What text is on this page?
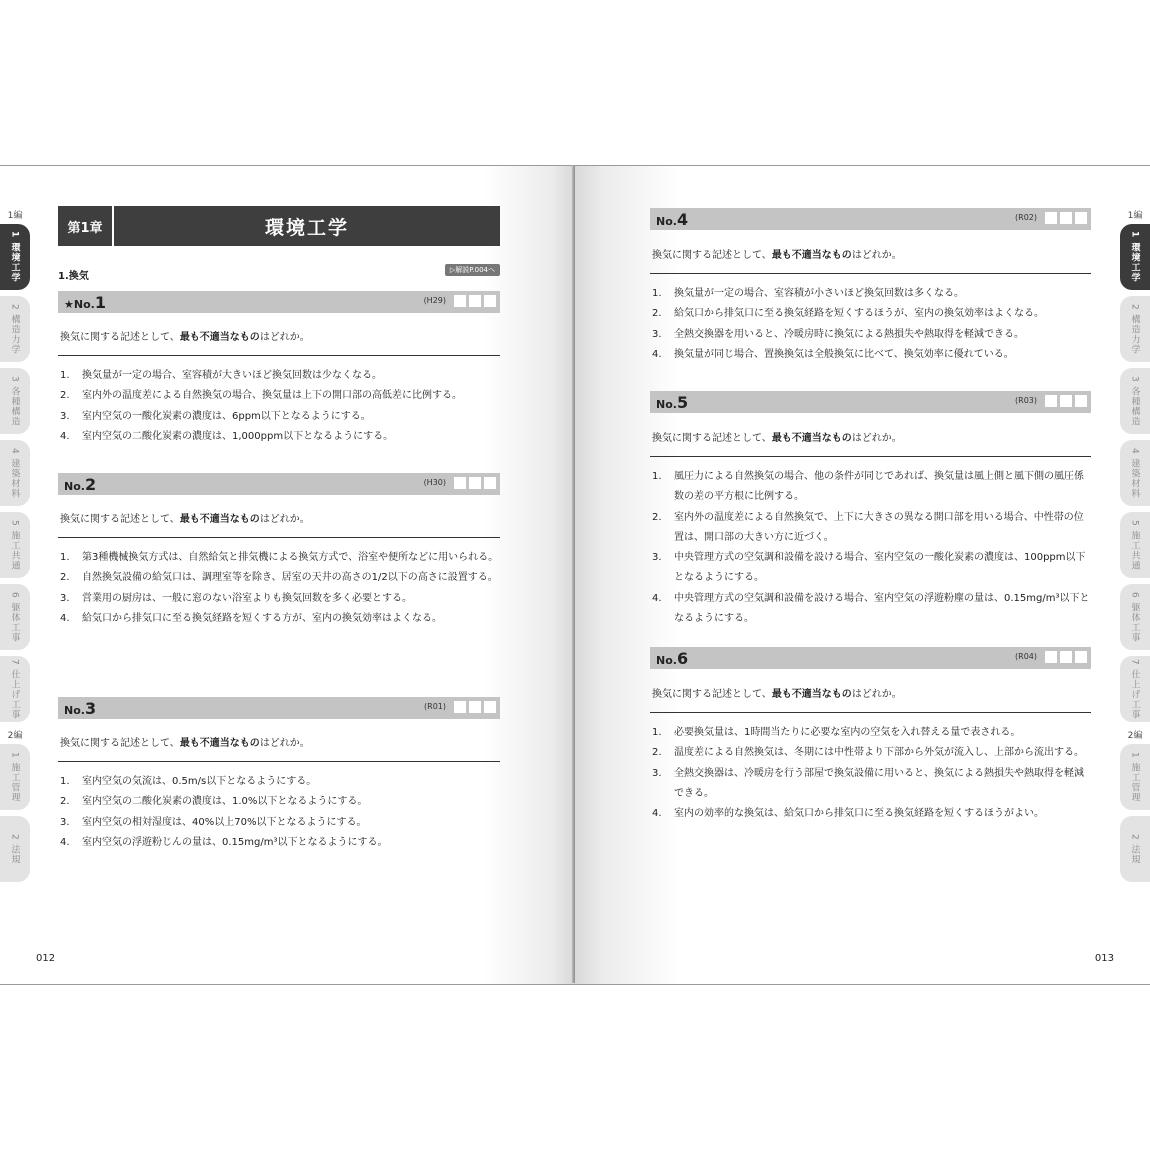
1編
1 環境工学
2 構造力学
3 各種構造
4 建築材料
5 施工共通
6 躯体工事
7 仕上げ工事
2編
1 施工管理
2 法規
第1章	環境工学
1.換気
▷解説P.004へ
★No.1	(H29)
換気に関する記述として、最も不適当なものはどれか。
1.	換気量が一定の場合、室容積が大きいほど換気回数は少なくなる。
2.	室内外の温度差による自然換気の場合、換気量は上下の開口部の高低差に比例する。
3.	室内空気の一酸化炭素の濃度は、6ppm以下となるようにする。
4.	室内空気の二酸化炭素の濃度は、1,000ppm以下となるようにする。
No.2	(H30)
換気に関する記述として、最も不適当なものはどれか。
1.	第3種機械換気方式は、自然給気と排気機による換気方式で、浴室や便所などに用いられる。
2.	自然換気設備の給気口は、調理室等を除き、居室の天井の高さの1/2以下の高さに設置する。
3.	営業用の厨房は、一般に窓のない浴室よりも換気回数を多く必要とする。
4.	給気口から排気口に至る換気経路を短くする方が、室内の換気効率はよくなる。
No.3	(R01)
換気に関する記述として、最も不適当なものはどれか。
1.	室内空気の気流は、0.5m/s以下となるようにする。
2.	室内空気の二酸化炭素の濃度は、1.0%以下となるようにする。
3.	室内空気の相対湿度は、40%以上70%以下となるようにする。
4.	室内空気の浮遊粉じんの量は、0.15mg/m³以下となるようにする。
012
1編
1 環境工学
2 構造力学
3 各種構造
4 建築材料
5 施工共通
6 躯体工事
7 仕上げ工事
2編
1 施工管理
2 法規
No.4	(R02)
換気に関する記述として、最も不適当なものはどれか。
1.	換気量が一定の場合、室容積が小さいほど換気回数は多くなる。
2.	給気口から排気口に至る換気経路を短くするほうが、室内の換気効率はよくなる。
3.	全熱交換器を用いると、冷暖房時に換気による熱損失や熱取得を軽減できる。
4.	換気量が同じ場合、置換換気は全般換気に比べて、換気効率に優れている。
No.5	(R03)
換気に関する記述として、最も不適当なものはどれか。
1.	風圧力による自然換気の場合、他の条件が同じであれば、換気量は風上側と風下側の風圧係数の差の平方根に比例する。
2.	室内外の温度差による自然換気で、上下に大きさの異なる開口部を用いる場合、中性帯の位置は、開口部の大きい方に近づく。
3.	中央管理方式の空気調和設備を設ける場合、室内空気の一酸化炭素の濃度は、100ppm以下となるようにする。
4.	中央管理方式の空気調和設備を設ける場合、室内空気の浮遊粉塵の量は、0.15mg/m³以下となるようにする。
No.6	(R04)
換気に関する記述として、最も不適当なものはどれか。
1.	必要換気量は、1時間当たりに必要な室内の空気を入れ替える量で表される。
2.	温度差による自然換気は、冬期には中性帯より下部から外気が流入し、上部から流出する。
3.	全熱交換器は、冷暖房を行う部屋で換気設備に用いると、換気による熱損失や熱取得を軽減できる。
4.	室内の効率的な換気は、給気口から排気口に至る換気経路を短くするほうがよい。
013
